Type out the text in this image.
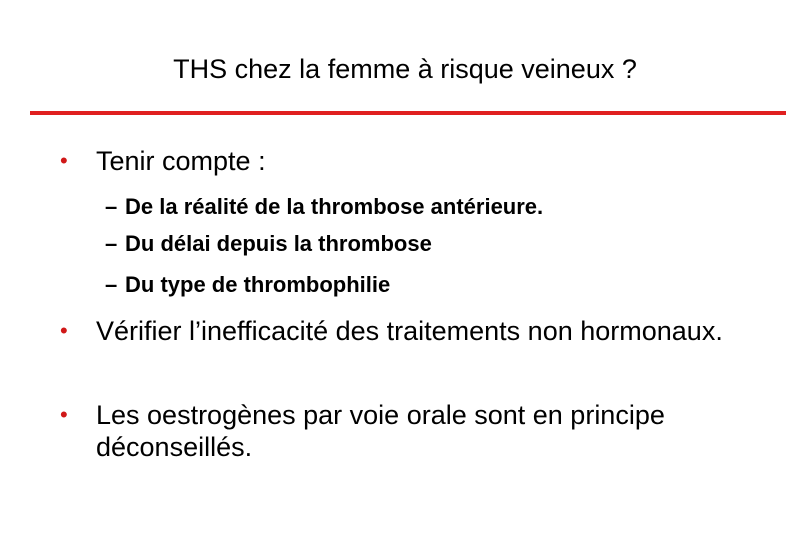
THS chez la femme à risque veineux ?
• Tenir compte :
– De la réalité de la thrombose antérieure.
– Du délai depuis la thrombose
– Du type de thrombophilie
• Vérifier l’inefficacité des traitements non hormonaux.
• Les oestrogènes par voie orale sont en principe déconseillés.
